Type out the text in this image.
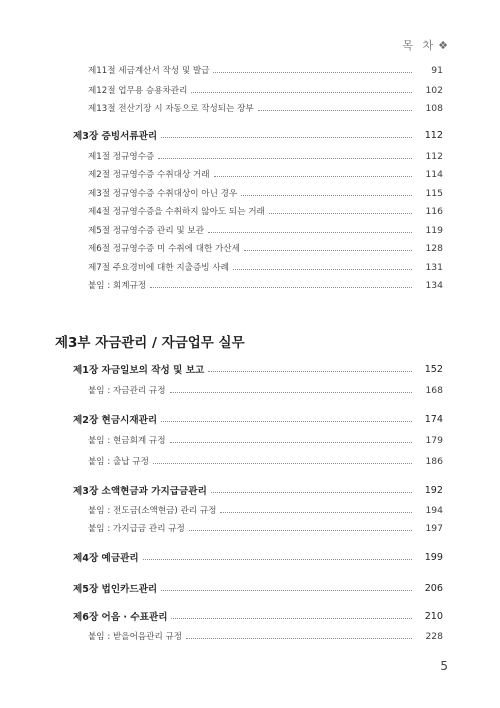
목 차 ❖
제11절 세금계산서 작성 및 발급	91
제12절 업무용 승용차관리	102
제13절 전산기장 시 자동으로 작성되는 장부	108
제3장 증빙서류관리	112
제1절 정규영수증	112
제2절 정규영수증 수취대상 거래	114
제3절 정규영수증 수취대상이 아닌 경우	115
제4절 정규영수증을 수취하지 않아도 되는 거래	116
제5절 정규영수증 관리 및 보관	119
제6절 정규영수증 미 수취에 대한 가산세	128
제7절 주요경비에 대한 지출증빙 사례	131
붙임 : 회계규정	134
제3부 자금관리 / 자금업무 실무
제1장 자금일보의 작성 및 보고	152
붙임 : 자금관리 규정	168
제2장 현금시재관리	174
붙임 : 현금회계 규정	179
붙임 : 출납 규정	186
제3장 소액현금과 가지급금관리	192
붙임 : 전도금(소액현금) 관리 규정	194
붙임 : 가지급금 관리 규정	197
제4장 예금관리	199
제5장 법인카드관리	206
제6장 어음 · 수표관리	210
붙임 : 받을어음관리 규정	228
5
